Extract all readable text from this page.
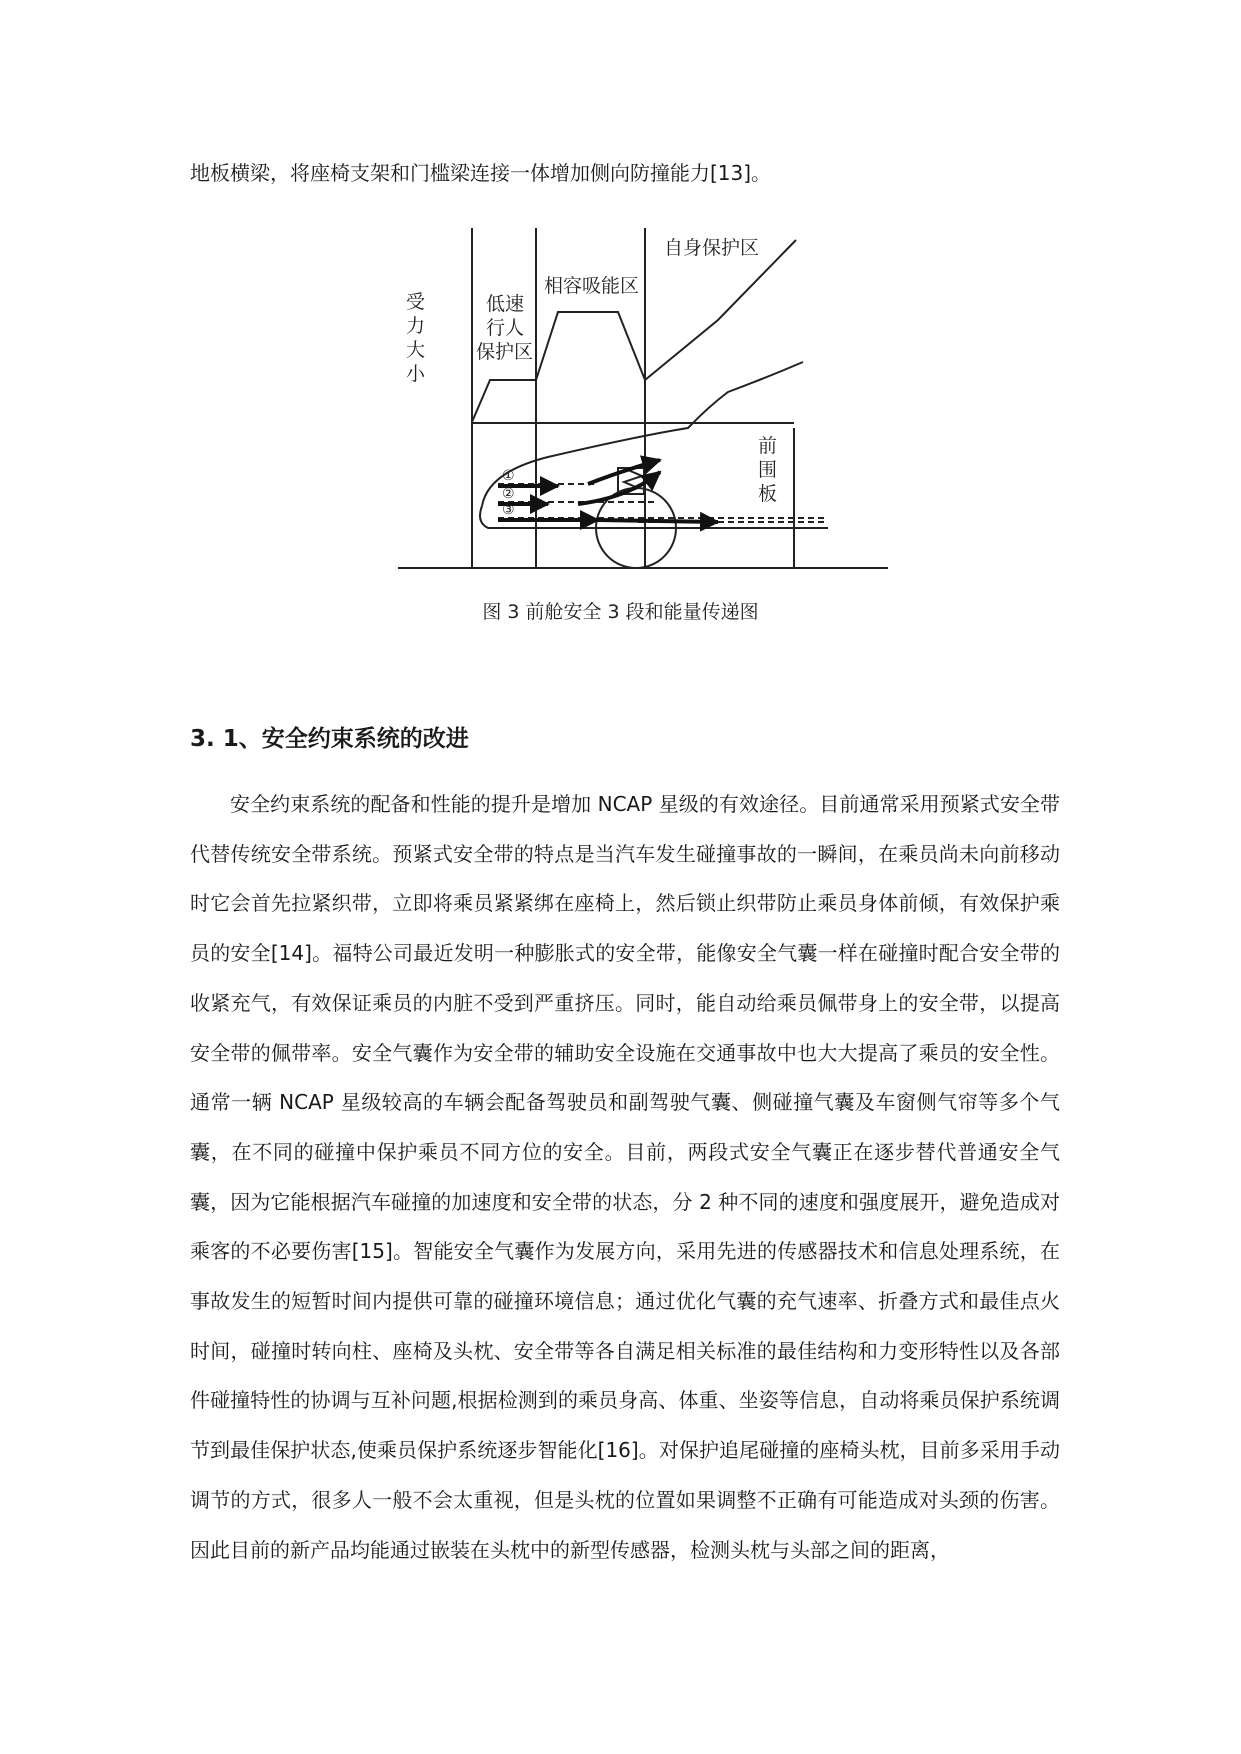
地板横梁，将座椅支架和门槛梁连接一体增加侧向防撞能力[13]。
受
力
大
小
低速
行人
保护区
相容吸能区
自身保护区
前
围
板
①
②
③
图 3 前舱安全 3 段和能量传递图
3. 1、安全约束系统的改进
安全约束系统的配备和性能的提升是增加 NCAP 星级的有效途径。目前通常采用预紧式安全带代替传统安全带系统。预紧式安全带的特点是当汽车发生碰撞事故的一瞬间，在乘员尚未向前移动时它会首先拉紧织带，立即将乘员紧紧绑在座椅上，然后锁止织带防止乘员身体前倾，有效保护乘员的安全[14]。福特公司最近发明一种膨胀式的安全带，能像安全气囊一样在碰撞时配合安全带的收紧充气，有效保证乘员的内脏不受到严重挤压。同时，能自动给乘员佩带身上的安全带，以提高安全带的佩带率。安全气囊作为安全带的辅助安全设施在交通事故中也大大提高了乘员的安全性。通常一辆 NCAP 星级较高的车辆会配备驾驶员和副驾驶气囊、侧碰撞气囊及车窗侧气帘等多个气囊，在不同的碰撞中保护乘员不同方位的安全。目前，两段式安全气囊正在逐步替代普通安全气囊，因为它能根据汽车碰撞的加速度和安全带的状态，分 2 种不同的速度和强度展开，避免造成对乘客的不必要伤害[15]。智能安全气囊作为发展方向，采用先进的传感器技术和信息处理系统，在事故发生的短暂时间内提供可靠的碰撞环境信息；通过优化气囊的充气速率、折叠方式和最佳点火时间，碰撞时转向柱、座椅及头枕、安全带等各自满足相关标准的最佳结构和力变形特性以及各部件碰撞特性的协调与互补问题,根据检测到的乘员身高、体重、坐姿等信息，自动将乘员保护系统调节到最佳保护状态,使乘员保护系统逐步智能化[16]。对保护追尾碰撞的座椅头枕，目前多采用手动调节的方式，很多人一般不会太重视，但是头枕的位置如果调整不正确有可能造成对头颈的伤害。因此目前的新产品均能通过嵌装在头枕中的新型传感器，检测头枕与头部之间的距离，
